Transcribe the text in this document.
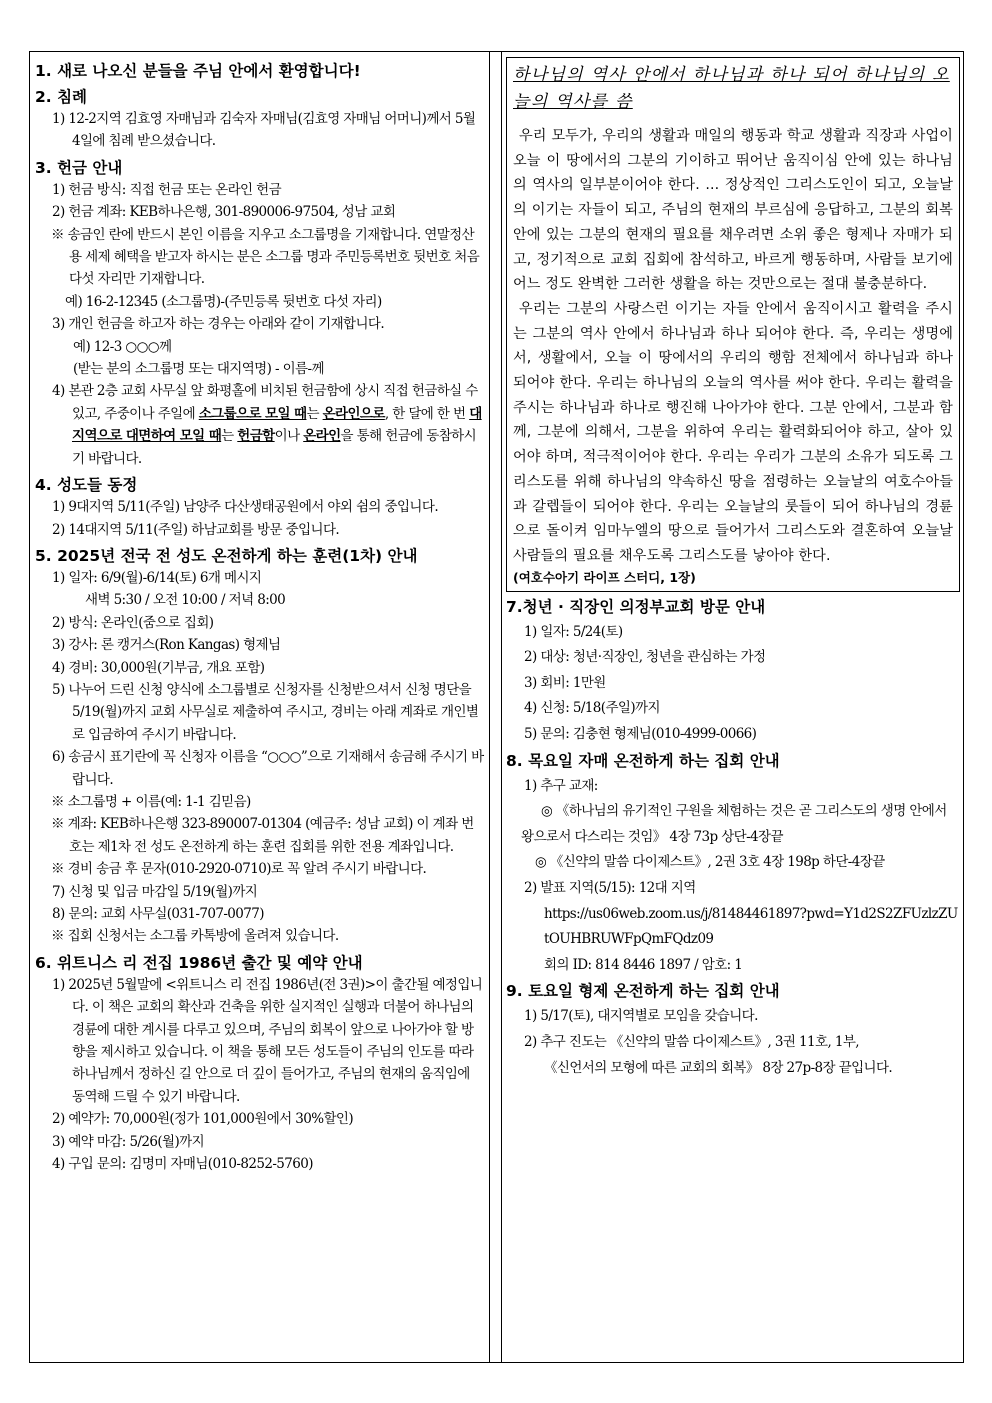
1. 새로 나오신 분들을 주님 안에서 환영합니다!
2. 침례
1) 12-2지역 김효영 자매님과 김숙자 자매님(김효영 자매님 어머니)께서 5월 4일에 침례 받으셨습니다.
3. 헌금 안내
1) 헌금 방식: 직접 헌금 또는 온라인 헌금
2) 헌금 계좌: KEB하나은행, 301-890006-97504, 성남 교회
※ 송금인 란에 반드시 본인 이름을 지우고 소그룹명을 기재합니다. 연말정산 용 세제 혜택을 받고자 하시는 분은 소그룹 명과 주민등록번호 뒷번호 처음 다섯 자리만 기재합니다.
예) 16-2-12345 (소그룹명)-(주민등록 뒷번호 다섯 자리)
3) 개인 헌금을 하고자 하는 경우는 아래와 같이 기재합니다.
예) 12-3 ○○○께
(받는 분의 소그룹명 또는 대지역명) - 이름-께
4) 본관 2층 교회 사무실 앞 화평홀에 비치된 헌금함에 상시 직접 헌금하실 수 있고, 주중이나 주일에 소그룹으로 모일 때는 온라인으로, 한 달에 한 번 대지역으로 대면하여 모일 때는 헌금함이나 온라인을 통해 헌금에 동참하시기 바랍니다.
4. 성도들 동정
1) 9대지역 5/11(주일) 남양주 다산생태공원에서 야외 쉼의 중입니다.
2) 14대지역 5/11(주일) 하남교회를 방문 중입니다.
5. 2025년 전국 전 성도 온전하게 하는 훈련(1차) 안내
1) 일자: 6/9(월)-6/14(토) 6개 메시지
새벽 5:30 / 오전 10:00 / 저녁 8:00
2) 방식: 온라인(줌으로 집회)
3) 강사: 론 캥거스(Ron Kangas) 형제님
4) 경비: 30,000원(기부금, 개요 포함)
5) 나누어 드린 신청 양식에 소그룹별로 신청자를 신청받으셔서 신청 명단을 5/19(월)까지 교회 사무실로 제출하여 주시고, 경비는 아래 계좌로 개인별로 입금하여 주시기 바랍니다.
6) 송금시 표기란에 꼭 신청자 이름을 “○○○”으로 기재해서 송금해 주시기 바랍니다.
※ 소그룹명 + 이름(예: 1-1 김믿음)
※ 계좌: KEB하나은행 323-890007-01304 (예금주: 성남 교회) 이 계좌 번호는 제1차 전 성도 온전하게 하는 훈련 집회를 위한 전용 계좌입니다.
※ 경비 송금 후 문자(010-2920-0710)로 꼭 알려 주시기 바랍니다.
7) 신청 및 입금 마감일 5/19(월)까지
8) 문의: 교회 사무실(031-707-0077)
※ 집회 신청서는 소그룹 카톡방에 올려져 있습니다.
6. 위트니스 리 전집 1986년 출간 및 예약 안내
1) 2025년 5월말에 <위트니스 리 전집 1986년(전 3권)>이 출간될 예정입니다. 이 책은 교회의 확산과 건축을 위한 실지적인 실행과 더불어 하나님의 경륜에 대한 계시를 다루고 있으며, 주님의 회복이 앞으로 나아가야 할 방향을 제시하고 있습니다. 이 책을 통해 모든 성도들이 주님의 인도를 따라 하나님께서 정하신 길 안으로 더 깊이 들어가고, 주님의 현재의 움직임에 동역해 드릴 수 있기 바랍니다.
2) 예약가: 70,000원(정가 101,000원에서 30%할인)
3) 예약 마감: 5/26(월)까지
4) 구입 문의: 김명미 자매님(010-8252-5760)
하나님의 역사 안에서 하나님과 하나 되어 하나님의 오늘의 역사를 씀
우리 모두가, 우리의 생활과 매일의 행동과 학교 생활과 직장과 사업이 오늘 이 땅에서의 그분의 기이하고 뛰어난 움직이심 안에 있는 하나님의 역사의 일부분이어야 한다. ... 정상적인 그리스도인이 되고, 오늘날의 이기는 자들이 되고, 주님의 현재의 부르심에 응답하고, 그분의 회복 안에 있는 그분의 현재의 필요를 채우려면 소위 좋은 형제나 자매가 되고, 정기적으로 교회 집회에 참석하고, 바르게 행동하며, 사람들 보기에 어느 정도 완벽한 그러한 생활을 하는 것만으로는 절대 불충분하다.
우리는 그분의 사랑스런 이기는 자들 안에서 움직이시고 활력을 주시는 그분의 역사 안에서 하나님과 하나 되어야 한다. 즉, 우리는 생명에서, 생활에서, 오늘 이 땅에서의 우리의 행함 전체에서 하나님과 하나 되어야 한다. 우리는 하나님의 오늘의 역사를 써야 한다. 우리는 활력을 주시는 하나님과 하나로 행진해 나아가야 한다. 그분 안에서, 그분과 함께, 그분에 의해서, 그분을 위하여 우리는 활력화되어야 하고, 살아 있어야 하며, 적극적이어야 한다. 우리는 우리가 그분의 소유가 되도록 그리스도를 위해 하나님의 약속하신 땅을 점령하는 오늘날의 여호수아들과 갈렙들이 되어야 한다. 우리는 오늘날의 룻들이 되어 하나님의 경륜으로 돌이켜 임마누엘의 땅으로 들어가서 그리스도와 결혼하여 오늘날 사람들의 필요를 채우도록 그리스도를 낳아야 한다.
(여호수아기 라이프 스터디, 1장)
7.청년 · 직장인 의정부교회 방문 안내
1) 일자: 5/24(토)
2) 대상: 청년·직장인, 청년을 관심하는 가정
3) 회비: 1만원
4) 신청: 5/18(주일)까지
5) 문의: 김충현 형제님(010-4999-0066)
8. 목요일 자매 온전하게 하는 집회 안내
1) 추구 교재:
◎ 《하나님의 유기적인 구원을 체험하는 것은 곧 그리스도의 생명 안에서 왕으로서 다스리는 것임》 4장 73p 상단-4장끝
◎ 《신약의 말씀 다이제스트》, 2권 3호 4장 198p 하단-4장끝
2) 발표 지역(5/15): 12대 지역
https://us06web.zoom.us/j/81484461897?pwd=Y1d2S2ZFUzlzZUtOUHBRUWFpQmFQdz09
회의 ID: 814 8446 1897 / 암호: 1
9. 토요일 형제 온전하게 하는 집회 안내
1) 5/17(토), 대지역별로 모임을 갖습니다.
2) 추구 진도는 《신약의 말씀 다이제스트》, 3권 11호, 1부,
《신언서의 모형에 따른 교회의 회복》 8장 27p-8장 끝입니다.
